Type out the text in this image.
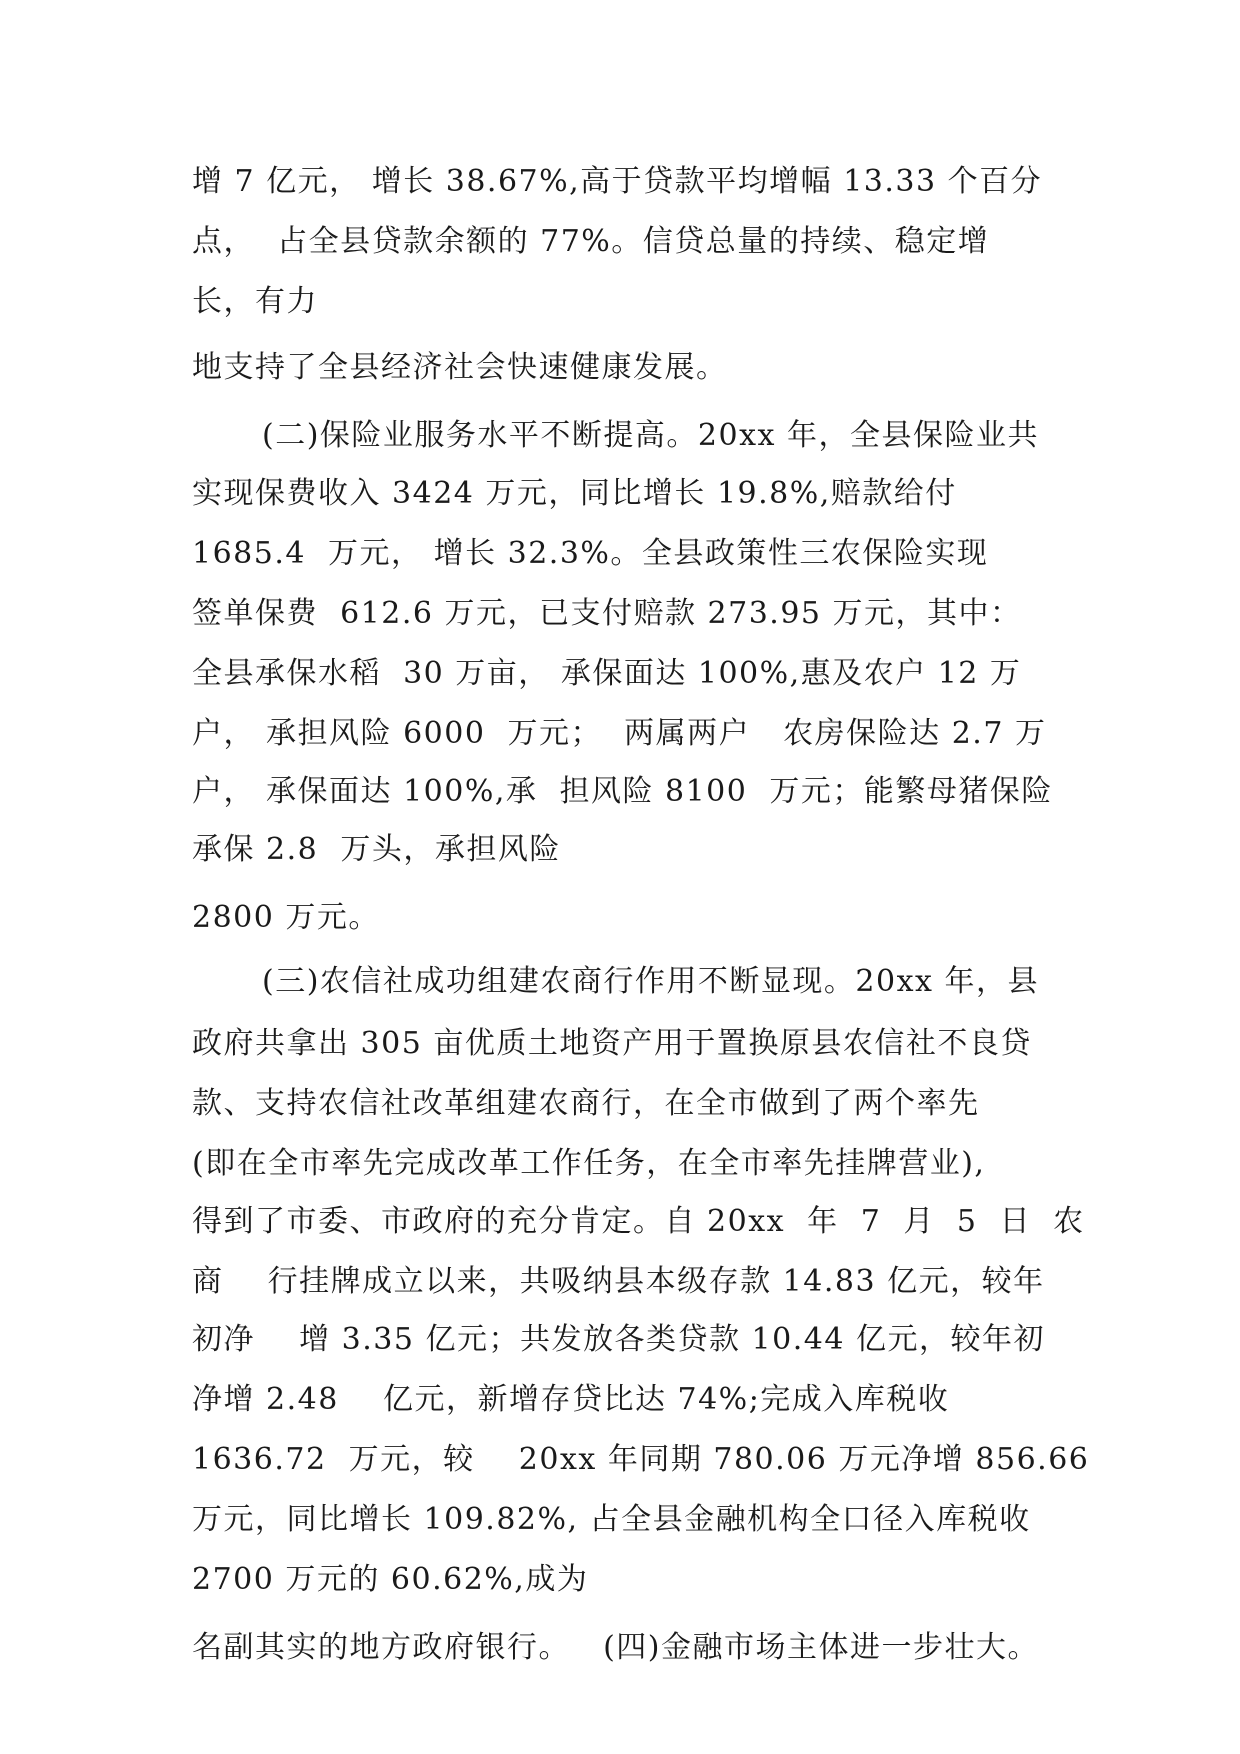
增 7 亿元， 增长 38.67%,高于贷款平均增幅 13.33 个百分
点，  占全县贷款余额的 77%。信贷总量的持续、稳定增
长，有力
地支持了全县经济社会快速健康发展。
(二)保险业服务水平不断提高。20xx 年，全县保险业共
实现保费收入 3424 万元，同比增长 19.8%,赔款给付
1685.4  万元， 增长 32.3%。全县政策性三农保险实现
签单保费  612.6 万元，已支付赔款 273.95 万元，其中：
全县承保水稻  30 万亩， 承保面达 100%,惠及农户 12 万
户， 承担风险 6000  万元；  两属两户   农房保险达 2.7 万
户， 承保面达 100%,承  担风险 8100  万元；能繁母猪保险
承保 2.8  万头，承担风险
2800 万元。
(三)农信社成功组建农商行作用不断显现。20xx 年，县
政府共拿出 305 亩优质土地资产用于置换原县农信社不良贷
款、支持农信社改革组建农商行，在全市做到了两个率先
(即在全市率先完成改革工作任务，在全市率先挂牌营业),
得到了市委、市政府的充分肯定。自 20xx  年  7  月  5  日  农
商    行挂牌成立以来，共吸纳县本级存款 14.83 亿元，较年
初净    增 3.35 亿元；共发放各类贷款 10.44 亿元，较年初
净增 2.48    亿元，新增存贷比达 74%;完成入库税收
1636.72  万元，较    20xx 年同期 780.06 万元净增 856.66
万元，同比增长 109.82%, 占全县金融机构全口径入库税收
2700 万元的 60.62%,成为
名副其实的地方政府银行。   (四)金融市场主体进一步壮大。
